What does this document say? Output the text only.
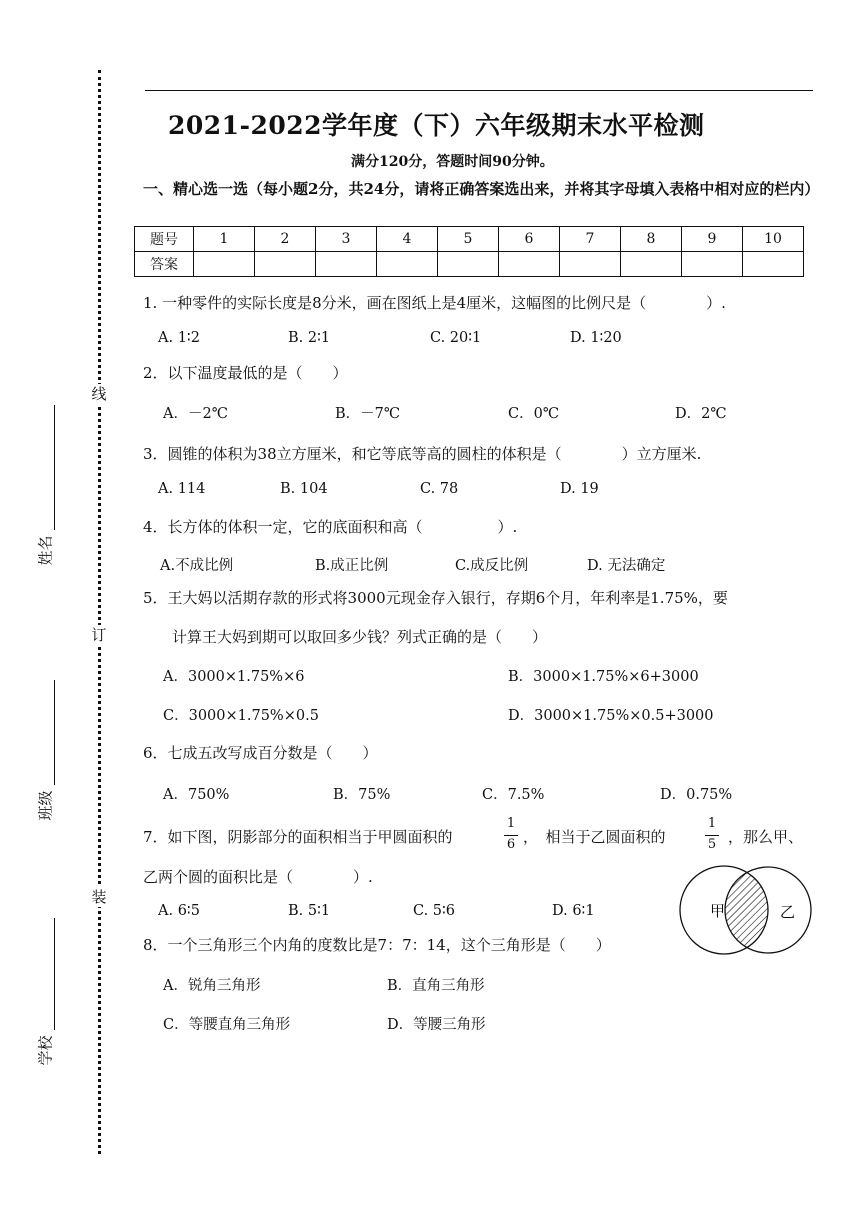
线
订
装
姓名
班级
学校
2021-2022学年度（下）六年级期末水平检测
满分120分，答题时间90分钟。
一、精心选一选（每小题2分，共24分，请将正确答案选出来，并将其字母填入表格中相对应的栏内）
题号	1	2	3	4	5	6	7	8	9	10
答案										
1. 一种零件的实际长度是8分米，画在图纸上是4厘米，这幅图的比例尺是（　　　　）.
A. 1∶2	B. 2∶1	C. 20∶1	D. 1∶20
2．以下温度最低的是（　　）
A．－2℃	B．－7℃	C．0℃	D．2℃
3．圆锥的体积为38立方厘米，和它等底等高的圆柱的体积是（　　　　）立方厘米.
A. 114	B. 104	C. 78	D. 19
4．长方体的体积一定，它的底面积和高（　　　　　）.
A.不成比例	B.成正比例	C.成反比例	D. 无法确定
5．王大妈以活期存款的形式将3000元现金存入银行，存期6个月，年利率是1.75%，要
计算王大妈到期可以取回多少钱？列式正确的是（　　）
A．3000×1.75%×6	B．3000×1.75%×6+3000
C．3000×1.75%×0.5	D．3000×1.75%×0.5+3000
6．七成五改写成百分数是（　　）
A．750%	B．75%	C．7.5%	D．0.75%
7．如下图，阴影部分的面积相当于甲圆面积的
1
6 ，　相当于乙圆面积的
1
5 ，那么甲、
乙两个圆的面积比是（　　　　）.
A. 6∶5	B. 5∶1	C. 5∶6	D. 6∶1	甲	乙
8．一个三角形三个内角的度数比是7：7：14，这个三角形是（　　）
A．锐角三角形	B．直角三角形
C．等腰直角三角形	D．等腰三角形
